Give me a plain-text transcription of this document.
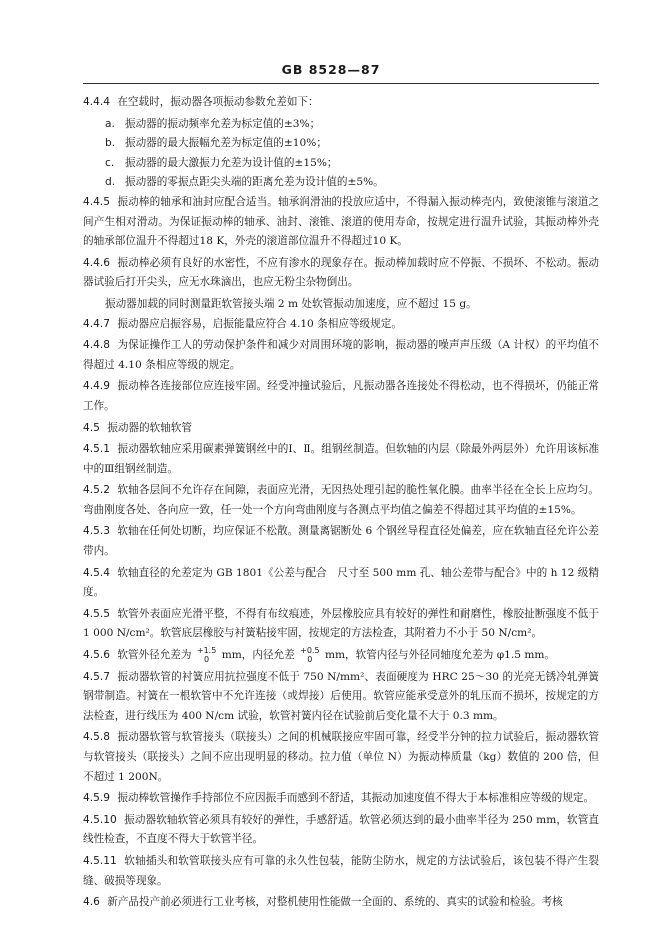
GB 8528—87

4.4.4 在空载时，振动器各项振动参数允差如下：

a. 振动器的振动频率允差为标定值的±3%；

b. 振动器的最大振幅允差为标定值的±10%；

c. 振动器的最大激振力允差为设计值的±15%；

d. 振动器的零振点距尖头端的距离允差为设计值的±5%。

4.4.5 振动棒的轴承和油封应配合适当。轴承润滑油的投放应适中，不得漏入振动棒壳内，致使滚锥与滚道之间产生相对滑动。为保证振动棒的轴承、油封、滚锥、滚道的使用寿命，按规定进行温升试验，其振动棒外壳的轴承部位温升不得超过18 K，外壳的滚道部位温升不得超过10 K。

4.4.6 振动棒必须有良好的水密性，不应有渗水的现象存在。振动棒加载时应不停振、不损坏、不松动。振动器试验后打开尖头，应无水珠滴出，也应无粉尘杂物倒出。

振动器加载的同时测量距软管接头端 2 m 处软管振动加速度，应不超过 15 g。

4.4.7 振动器应启振容易，启振能量应符合 4.10 条相应等级规定。

4.4.8 为保证操作工人的劳动保护条件和减少对周围环境的影响，振动器的噪声声压级（A 计权）的平均值不得超过 4.10 条相应等级的规定。

4.4.9 振动棒各连接部位应连接牢固。经受冲撞试验后，凡振动器各连接处不得松动，也不得损坏，仍能正常工作。

4.5 振动器的软轴软管

4.5.1 振动器软轴应采用碳素弹簧钢丝中的Ⅰ、Ⅱ。组钢丝制造。但软轴的内层（除最外两层外）允许用该标准中的Ⅲ组钢丝制造。

4.5.2 软轴各层间不允许存在间隙，表面应光滑，无因热处理引起的脆性氧化膜。曲率半径在全长上应均匀。弯曲刚度各处、各向应一致，任一处一个方向弯曲刚度与各测点平均值之偏差不得超过其平均值的±15%。

4.5.3 软轴在任何处切断，均应保证不松散。测量离锯断处 6 个钢丝导程直径处偏差，应在软轴直径允许公差带内。

4.5.4 软轴直径的允差定为 GB 1801《公差与配合　尺寸至 500 mm 孔、轴公差带与配合》中的 h 12 级精度。

4.5.5 软管外表面应光滑平整，不得有布纹痕迹，外层橡胶应具有较好的弹性和耐磨性，橡胶扯断强度不低于 1 000 N/cm²。软管底层橡胶与衬簧粘接牢固，按规定的方法检查，其附着力不小于 50 N/cm²。

4.5.6 软管外径允差为 +1.5
0	mm，内径允差 +0.5
0	mm，软管内径与外径同轴度允差为 φ1.5 mm。

4.5.7 振动器软管的衬簧应用抗拉强度不低于 750 N/mm²、表面硬度为 HRC 25～30 的光亮无锈冷轧弹簧钢带制造。衬簧在一根软管中不允许连接（或焊接）后使用。软管应能承受意外的轧压而不损坏，按规定的方法检查，进行线压为 400 N/cm 试验，软管衬簧内径在试验前后变化量不大于 0.3 mm。

4.5.8 振动器软管与软管接头（联接头）之间的机械联接应牢固可靠，经受半分钟的拉力试验后，振动器软管与软管接头（联接头）之间不应出现明显的移动。拉力值（单位 N）为振动棒质量（kg）数值的 200 倍，但不超过 1 200N。

4.5.9 振动棒软管操作手持部位不应因振手而感到不舒适，其振动加速度值不得大于本标准相应等级的规定。

4.5.10 振动器软轴软管必须具有较好的弹性，手感舒适。软管必须达到的最小曲率半径为 250 mm，软管直线性检查，不直度不得大于软管半径。

4.5.11 软轴插头和软管联接头应有可靠的永久性包装，能防尘防水，规定的方法试验后，该包装不得产生裂缝、破损等现象。

4.6 新产品投产前必须进行工业考核，对整机使用性能做一全面的、系统的、真实的试验和检验。考核
